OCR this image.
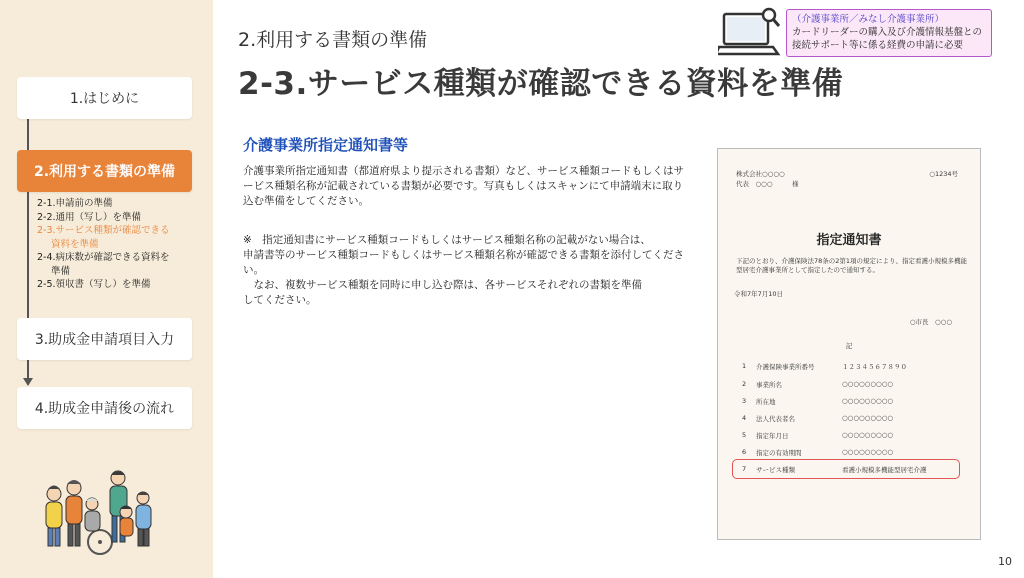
1.はじめに
2.利用する書類の準備
2-1.申請前の準備
2-2.通用（写し）を準備
2-3.サービス種類が確認できる
資料を準備
2-4.病床数が確認できる資料を
準備
2-5.領収書（写し）を準備
3.助成金申請項目入力
4.助成金申請後の流れ
2.利用する書類の準備
2-3.サービス種類が確認できる資料を準備
（介護事業所／みなし介護事業所）
カードリーダーの購入及び介護情報基盤との接続サポート等に係る経費の申請に必要
介護事業所指定通知書等
介護事業所指定通知書（都道府県より提示される書類）など、サービス種類コードもしくはサービス種類名称が記載されている書類が必要です。写真もしくはスキャンにて申請端末に取り込む準備をしてください。

※　指定通知書にサービス種類コードもしくはサービス種類名称の記載がない場合は、
申請書等のサービス種類コードもしくはサービス種類名称が確認できる書類を添付してください。
　なお、複数サービス種類を同時に申し込む際は、各サービスそれぞれの書類を準備
してください。

株式会社○○○○
代表　○○○　　　様
○1234号
指定通知書
下記のとおり、介護保険法78条の2第1項の規定により、指定看護小規模多機能型居宅介護事業所として指定したので通知する。
令和7年7月10日
○市長　○○○
記
1 介護保険事業所番号	１２３４５６７８９０
2 事業所名	○○○○○○○○○
3 所在地	○○○○○○○○○
4 法人代表者名	○○○○○○○○○
5 指定年月日	○○○○○○○○○
6 指定の有効期間	○○○○○○○○○
7 サービス種類	看護小規模多機能型居宅介護
10
